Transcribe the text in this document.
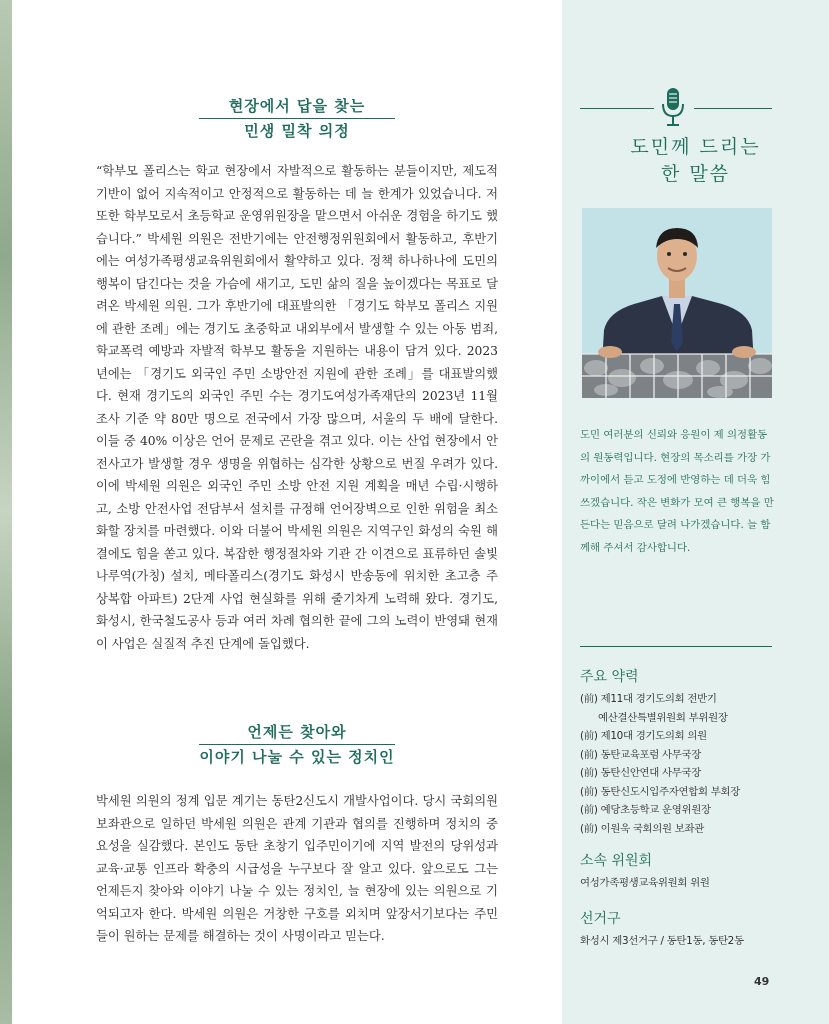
현장에서 답을 찾는
민생 밀착 의정

“학부모 폴리스는 학교 현장에서 자발적으로 활동하는 분들이지만, 제도적 기반이 없어 지속적이고 안정적으로 활동하는 데 늘 한계가 있었습니다. 저 또한 학부모로서 초등학교 운영위원장을 맡으면서 아쉬운 경험을 하기도 했습니다.” 박세원 의원은 전반기에는 안전행정위원회에서 활동하고, 후반기에는 여성가족평생교육위원회에서 활약하고 있다. 정책 하나하나에 도민의 행복이 담긴다는 것을 가슴에 새기고, 도민 삶의 질을 높이겠다는 목표로 달려온 박세원 의원. 그가 후반기에 대표발의한 「경기도 학부모 폴리스 지원에 관한 조례」에는 경기도 초중학교 내외부에서 발생할 수 있는 아동 범죄, 학교폭력 예방과 자발적 학부모 활동을 지원하는 내용이 담겨 있다. 2023년에는 「경기도 외국인 주민 소방안전 지원에 관한 조례」를 대표발의했다. 현재 경기도의 외국인 주민 수는 경기도여성가족재단의 2023년 11월 조사 기준 약 80만 명으로 전국에서 가장 많으며, 서울의 두 배에 달한다. 이들 중 40% 이상은 언어 문제로 곤란을 겪고 있다. 이는 산업 현장에서 안전사고가 발생할 경우 생명을 위협하는 심각한 상황으로 번질 우려가 있다. 이에 박세원 의원은 외국인 주민 소방 안전 지원 계획을 매년 수립·시행하고, 소방 안전사업 전담부서 설치를 규정해 언어장벽으로 인한 위험을 최소화할 장치를 마련했다. 이와 더불어 박세원 의원은 지역구인 화성의 숙원 해결에도 힘을 쏟고 있다. 복잡한 행정절차와 기관 간 이견으로 표류하던 솔빛나루역(가칭) 설치, 메타폴리스(경기도 화성시 반송동에 위치한 초고층 주상복합 아파트) 2단계 사업 현실화를 위해 줄기차게 노력해 왔다. 경기도, 화성시, 한국철도공사 등과 여러 차례 협의한 끝에 그의 노력이 반영돼 현재 이 사업은 실질적 추진 단계에 돌입했다.

언제든 찾아와
이야기 나눌 수 있는 정치인

박세원 의원의 정계 입문 계기는 동탄2신도시 개발사업이다. 당시 국회의원 보좌관으로 일하던 박세원 의원은 관계 기관과 협의를 진행하며 정치의 중요성을 실감했다. 본인도 동탄 초창기 입주민이기에 지역 발전의 당위성과 교육·교통 인프라 확충의 시급성을 누구보다 잘 알고 있다. 앞으로도 그는 언제든지 찾아와 이야기 나눌 수 있는 정치인, 늘 현장에 있는 의원으로 기억되고자 한다. 박세원 의원은 거창한 구호를 외치며 앞장서기보다는 주민들이 원하는 문제를 해결하는 것이 사명이라고 믿는다.

도민께 드리는
한 말씀

도민 여러분의 신뢰와 응원이 제 의정활동의 원동력입니다. 현장의 목소리를 가장 가까이에서 듣고 도정에 반영하는 데 더욱 힘쓰겠습니다. 작은 변화가 모여 큰 행복을 만든다는 믿음으로 달려 나가겠습니다. 늘 함께해 주셔서 감사합니다.

주요 약력
(前) 제11대 경기도의회 전반기
예산결산특별위원회 부위원장
(前) 제10대 경기도의회 의원
(前) 동탄교육포럼 사무국장
(前) 동탄신안연대 사무국장
(前) 동탄신도시입주자연합회 부회장
(前) 예당초등학교 운영위원장
(前) 이원욱 국회의원 보좌관
소속 위원회
여성가족평생교육위원회 위원
선거구
화성시 제3선거구 / 동탄1동, 동탄2동
49
